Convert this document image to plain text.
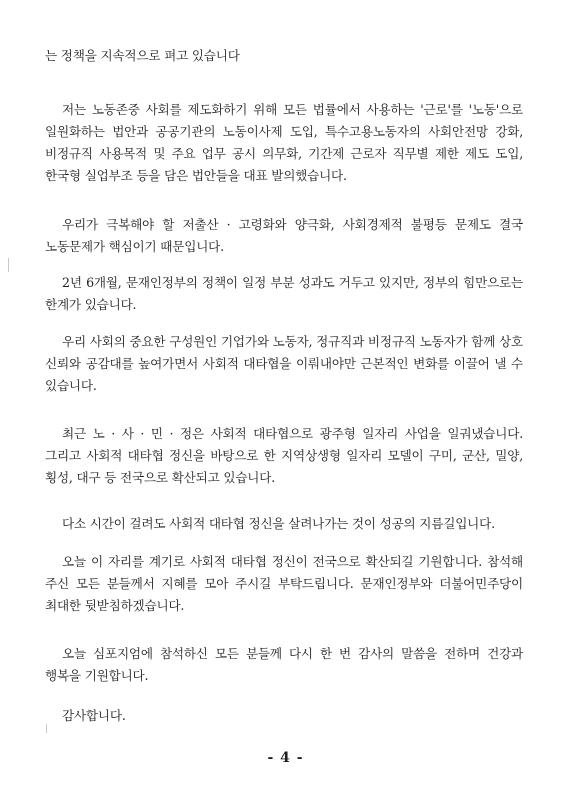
는 정책을 지속적으로 펴고 있습니다

저는 노동존중 사회를 제도화하기 위해 모든 법률에서 사용하는 '근로'를 '노동'으로 일원화하는 법안과 공공기관의 노동이사제 도입, 특수고용노동자의 사회안전망 강화, 비정규직 사용목적 및 주요 업무 공시 의무화, 기간제 근로자 직무별 제한 제도 도입, 한국형 실업부조 등을 담은 법안들을 대표 발의했습니다.

우리가 극복해야 할 저출산 · 고령화와 양극화, 사회경제적 불평등 문제도 결국 노동문제가 핵심이기 때문입니다.

2년 6개월, 문재인정부의 정책이 일정 부분 성과도 거두고 있지만, 정부의 힘만으로는 한계가 있습니다.

우리 사회의 중요한 구성원인 기업가와 노동자, 정규직과 비정규직 노동자가 함께 상호 신뢰와 공감대를 높여가면서 사회적 대타협을 이뤄내야만 근본적인 변화를 이끌어 낼 수 있습니다.

최근 노 · 사 · 민 · 정은 사회적 대타협으로 광주형 일자리 사업을 일궈냈습니다. 그리고 사회적 대타협 정신을 바탕으로 한 지역상생형 일자리 모델이 구미, 군산, 밀양, 횡성, 대구 등 전국으로 확산되고 있습니다.

다소 시간이 걸려도 사회적 대타협 정신을 살려나가는 것이 성공의 지름길입니다.

오늘 이 자리를 계기로 사회적 대타협 정신이 전국으로 확산되길 기원합니다. 참석해 주신 모든 분들께서 지혜를 모아 주시길 부탁드립니다. 문재인정부와 더불어민주당이 최대한 뒷받침하겠습니다.

오늘 심포지엄에 참석하신 모든 분들께 다시 한 번 감사의 말씀을 전하며 건강과 행복을 기원합니다.

감사합니다.

- 4 -
